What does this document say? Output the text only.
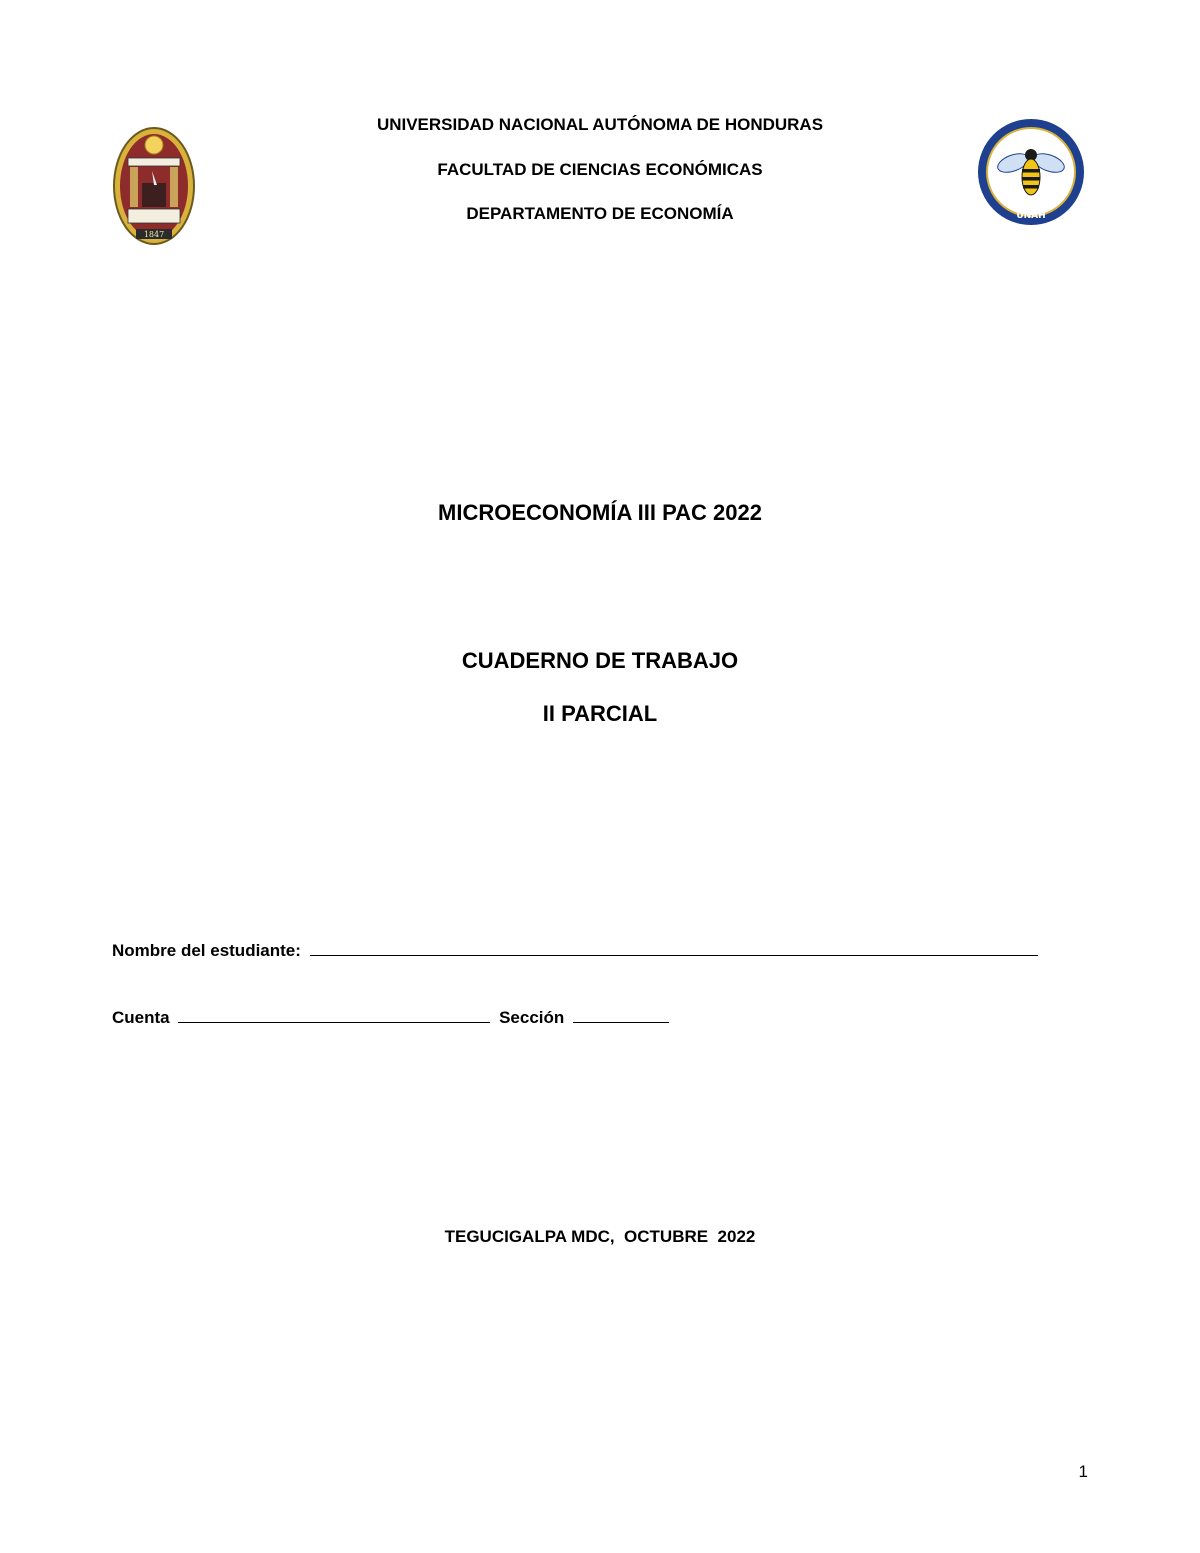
1847
UNIVERSIDAD NACIONAL AUTÓNOMA DE HONDURAS
FACULTAD DE CIENCIAS ECONÓMICAS
DEPARTAMENTO DE ECONOMÍA	UNAH
MICROECONOMÍA III PAC 2022
CUADERNO DE TRABAJO
II PARCIAL
Nombre del estudiante:
Cuenta	Sección
TEGUCIGALPA MDC,  OCTUBRE  2022
1
